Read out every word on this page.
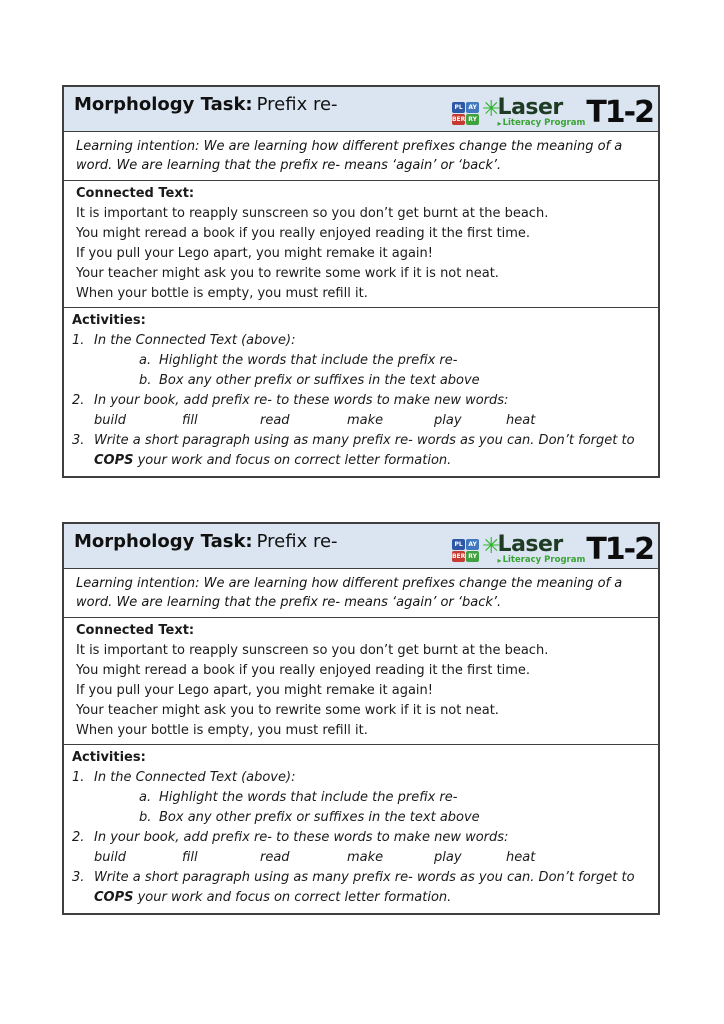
Morphology Task: Prefix re-	PL AY
BER RY ✳
Laser
▸ Literacy Program T1-2
Learning intention: We are learning how different prefixes change the meaning of a word. We are learning that the prefix re- means ‘again’ or ‘back’.
Connected Text:
It is important to reapply sunscreen so you don’t get burnt at the beach.
You might reread a book if you really enjoyed reading it the first time.
If you pull your Lego apart, you might remake it again!
Your teacher might ask you to rewrite some work if it is not neat.
When your bottle is empty, you must refill it.
Activities:
1. In the Connected Text (above):
a. Highlight the words that include the prefix re-
b. Box any other prefix or suffixes in the text above
2. In your book, add prefix re- to these words to make new words:
build	fill	read	make	play	heat
3. Write a short paragraph using as many prefix re- words as you can. Don’t forget to COPS your work and focus on correct letter formation.
Morphology Task: Prefix re-	PL AY
BER RY ✳
Laser
▸ Literacy Program T1-2
Learning intention: We are learning how different prefixes change the meaning of a word. We are learning that the prefix re- means ‘again’ or ‘back’.
Connected Text:
It is important to reapply sunscreen so you don’t get burnt at the beach.
You might reread a book if you really enjoyed reading it the first time.
If you pull your Lego apart, you might remake it again!
Your teacher might ask you to rewrite some work if it is not neat.
When your bottle is empty, you must refill it.
Activities:
1. In the Connected Text (above):
a. Highlight the words that include the prefix re-
b. Box any other prefix or suffixes in the text above
2. In your book, add prefix re- to these words to make new words:
build	fill	read	make	play	heat
3. Write a short paragraph using as many prefix re- words as you can. Don’t forget to COPS your work and focus on correct letter formation.
